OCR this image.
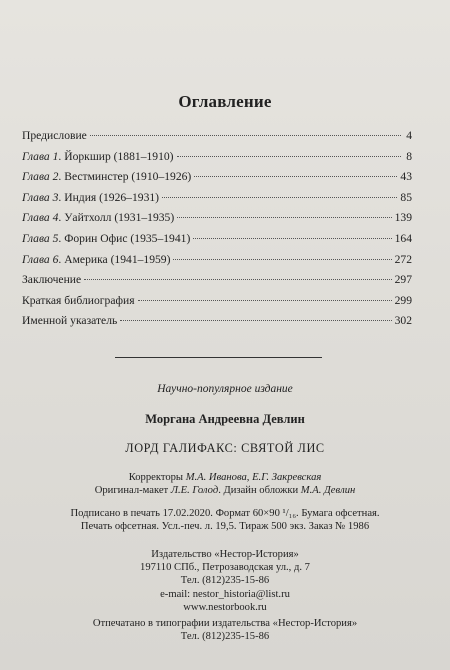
Оглавление
Предисловие	4
Глава 1. Йоркшир (1881–1910)	8
Глава 2. Вестминстер (1910–1926)	43
Глава 3. Индия (1926–1931)	85
Глава 4. Уайтхолл (1931–1935)	139
Глава 5. Форин Офис (1935–1941)	164
Глава 6. Америка (1941–1959)	272
Заключение	297
Краткая библиография	299
Именной указатель	302
Научно-популярное издание
Моргана Андреевна Девлин
ЛОРД ГАЛИФАКС: СВЯТОЙ ЛИС
Корректоры М.А. Иванова, Е.Г. Закревская
Оригинал-макет Л.Е. Голод. Дизайн обложки М.А. Девлин
Подписано в печать 17.02.2020. Формат 60×90 ¹/₁₆. Бумага офсетная.
Печать офсетная. Усл.-печ. л. 19,5. Тираж 500 экз. Заказ № 1986
Издательство «Нестор-История»
197110 СПб., Петрозаводская ул., д. 7
Тел. (812)235-15-86
e-mail: nestor_historia@list.ru
www.nestorbook.ru
Отпечатано в типографии издательства «Нестор-История»
Тел. (812)235-15-86
